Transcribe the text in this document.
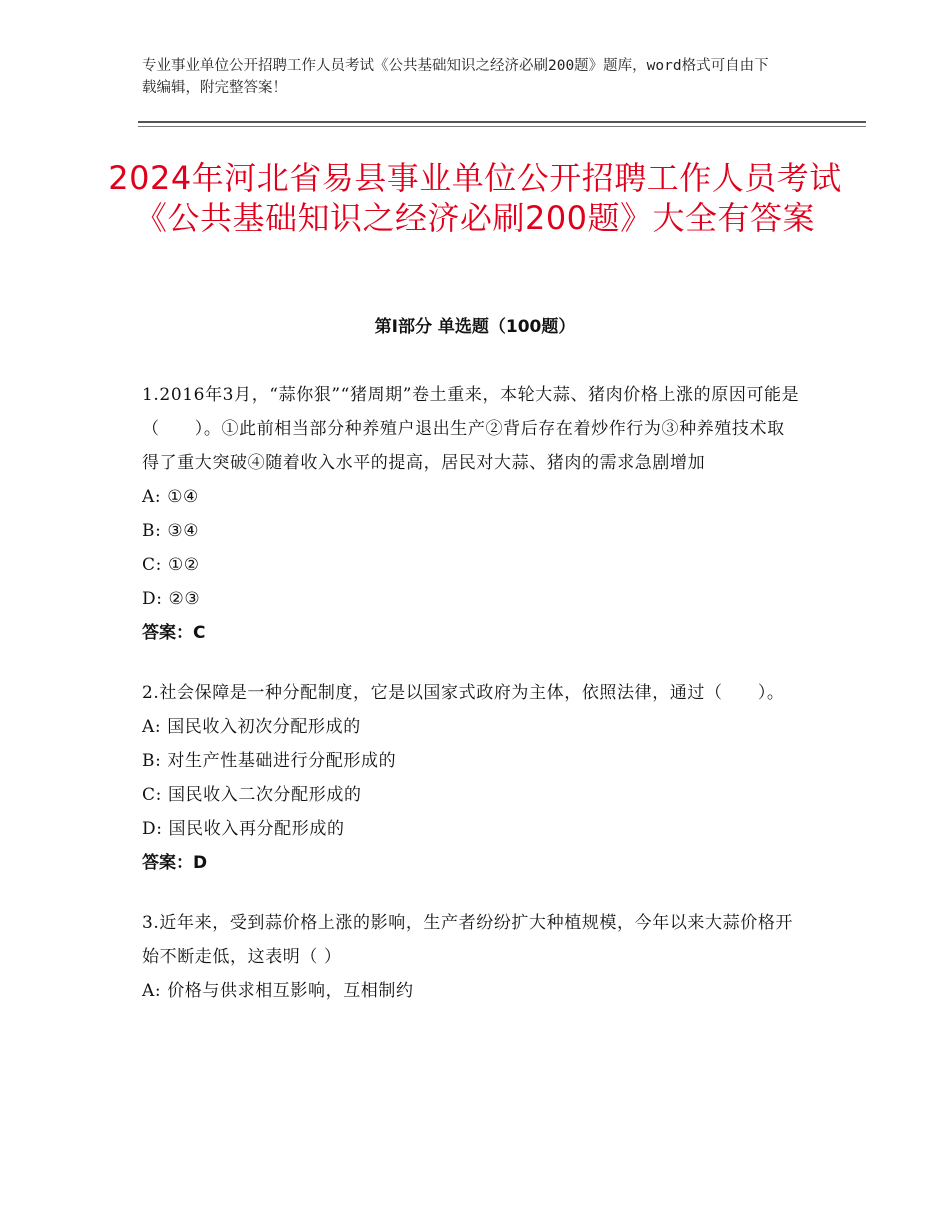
专业事业单位公开招聘工作人员考试《公共基础知识之经济必刷200题》题库，word格式可自由下载编辑，附完整答案！
2024年河北省易县事业单位公开招聘工作人员考试《公共基础知识之经济必刷200题》大全有答案
第Ⅰ部分 单选题（100题）

1.2016年3月，“蒜你狠”“猪周期”卷土重来，本轮大蒜、猪肉价格上涨的原因可能是（　　）。①此前相当部分种养殖户退出生产②背后存在着炒作行为③种养殖技术取得了重大突破④随着收入水平的提高，居民对大蒜、猪肉的需求急剧增加

A: ①④

B: ③④

C: ①②

D: ②③

答案：C

2.社会保障是一种分配制度，它是以国家式政府为主体，依照法律，通过（　　）。

A: 国民收入初次分配形成的

B: 对生产性基础进行分配形成的

C: 国民收入二次分配形成的

D: 国民收入再分配形成的

答案：D

3.近年来，受到蒜价格上涨的影响，生产者纷纷扩大种植规模，今年以来大蒜价格开始不断走低，这表明（ ）

A: 价格与供求相互影响，互相制约
